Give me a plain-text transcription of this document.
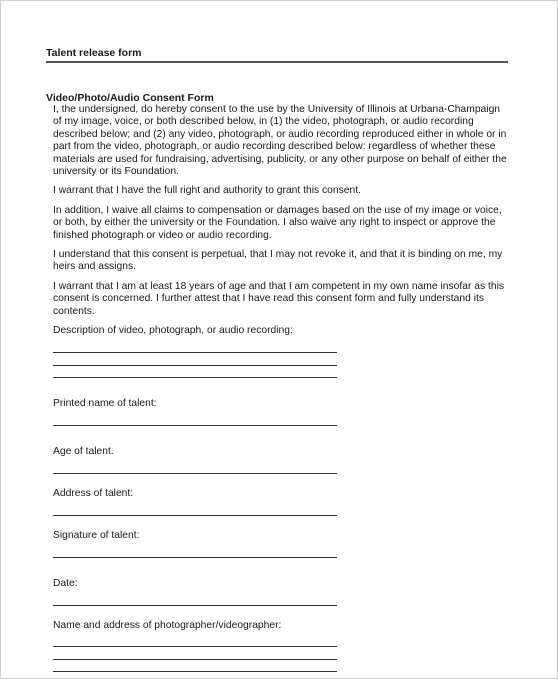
Talent release form
Video/Photo/Audio Consent Form

I, the undersigned, do hereby consent to the use by the University of Illinois at Urbana-Champaign of my image, voice, or both described below, in (1) the video, photograph, or audio recording described below; and (2) any video, photograph, or audio recording reproduced either in whole or in part from the video, photograph, or audio recording described below: regardless of whether these materials are used for fundraising, advertising, publicity, or any other purpose on behalf of either the university or its Foundation.

I warrant that I have the full right and authority to grant this consent.

In addition, I waive all claims to compensation or damages based on the use of my image or voice, or both, by either the university or the Foundation. I also waive any right to inspect or approve the finished photograph or video or audio recording.

I understand that this consent is perpetual, that I may not revoke it, and that it is binding on me, my heirs and assigns.

I warrant that I am at least 18 years of age and that I am competent in my own name insofar as this consent is concerned. I further attest that I have read this consent form and fully understand its contents.

Description of video, photograph, or audio recording:
Printed name of talent:
Age of talent.
Address of talent:
Signature of talent:
Date:
Name and address of photographer/videographer:
